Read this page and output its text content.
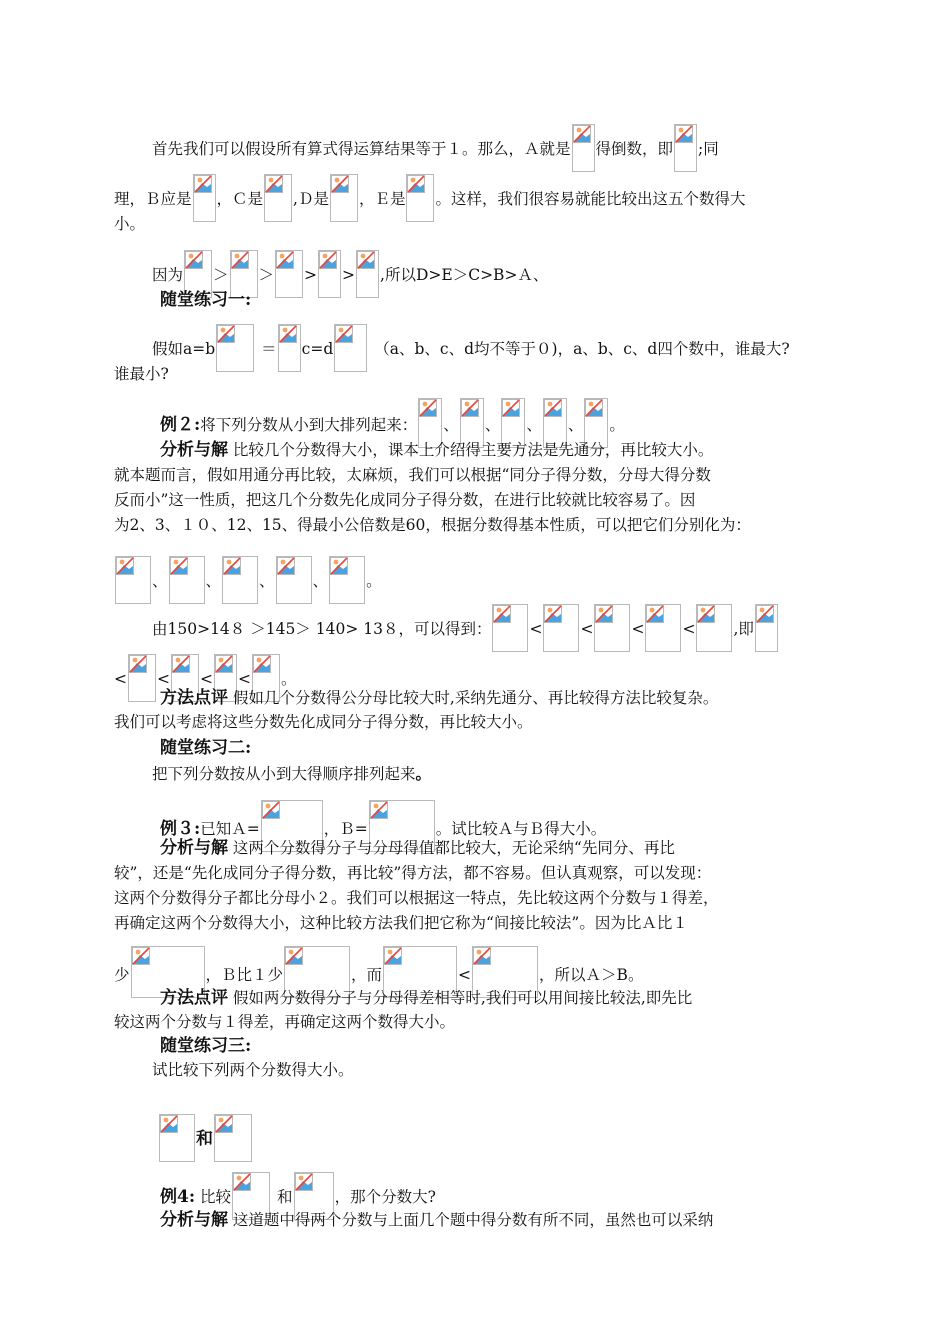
首先我们可以假设所有算式得运算结果等于１。那么，Ａ就是 得倒数，即 ;同
理，Ｂ应是 ，Ｃ是 ,Ｄ是 ，Ｅ是 。这样，我们很容易就能比较出这五个数得大
小。
因为 ＞ ＞ > > ,所以D>E＞C>B>Ａ、
随堂练习一:
假如a=b	＝ c=d	（a、b、c、d均不等于０)，a、b、c、d四个数中，谁最大?
谁最小?
例２:将下列分数从小到大排列起来： 、 、 、 、 。
分析与解 比较几个分数得大小，课本上介绍得主要方法是先通分，再比较大小。
就本题而言，假如用通分再比较，太麻烦，我们可以根据“同分子得分数，分母大得分数
反而小”这一性质，把这几个分数先化成同分子得分数，在进行比较就比较容易了。因
为2、3、１０、12、15、得最小公倍数是60，根据分数得基本性质，可以把它们分别化为：
、 、 、 、 。
由150>14８ ＞145＞ 140> 13８，可以得到： < < < < ,即
< < < < 。
方法点评 假如几个分数得公分母比较大时,采纳先通分、再比较得方法比较复杂。
我们可以考虑将这些分数先化成同分子得分数，再比较大小。
随堂练习二:
把下列分数按从小到大得顺序排列起来。
例３:已知Ａ=	，Ｂ=	。试比较Ａ与Ｂ得大小。
分析与解 这两个分数得分子与分母得值都比较大，无论采纳“先同分、再比
较”，还是“先化成同分子得分数，再比较”得方法，都不容易。但认真观察，可以发现：
这两个分数得分子都比分母小２。我们可以根据这一特点，先比较这两个分数与１得差，
再确定这两个分数得大小，这种比较方法我们把它称为“间接比较法”。因为比Ａ比１
少	，Ｂ比１少	，而	<	，所以Ａ＞B。
方法点评 假如两分数得分子与分母得差相等时,我们可以用间接比较法,即先比
较这两个分数与１得差，再确定这两个数得大小。
随堂练习三:
试比较下列两个分数得大小。
和
例4: 比较	和	，那个分数大?
分析与解 这道题中得两个分数与上面几个题中得分数有所不同，虽然也可以采纳
